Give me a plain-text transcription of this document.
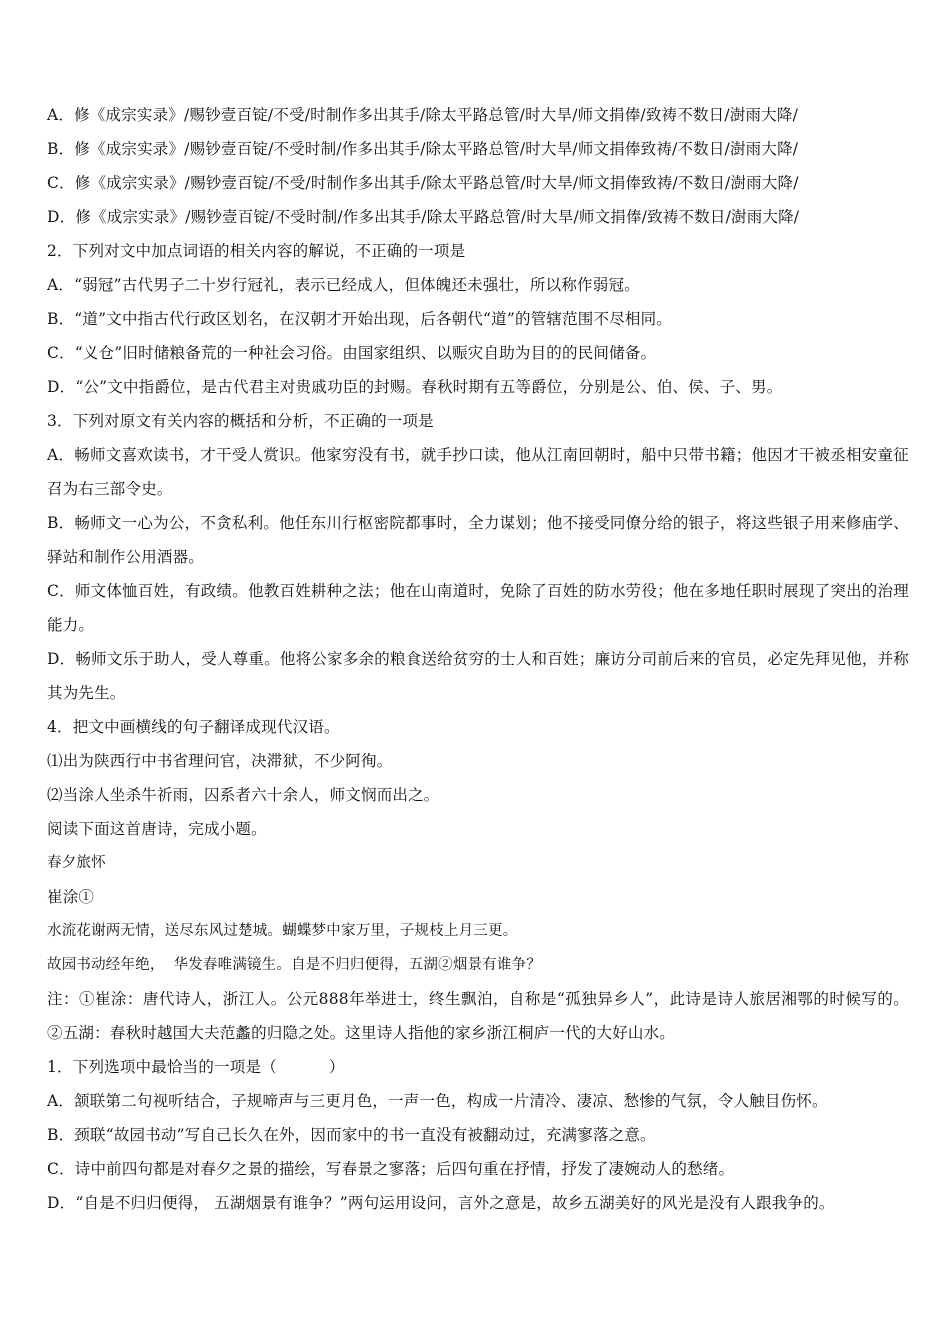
A．修《成宗实录》/赐钞壹百锭/不受/时制作多出其手/除太平路总管/时大旱/师文捐俸/致祷不数日/澍雨大降/
B．修《成宗实录》/赐钞壹百锭/不受时制/作多出其手/除太平路总管/时大旱/师文捐俸致祷/不数日/澍雨大降/
C．修《成宗实录》/赐钞壹百锭/不受/时制作多出其手/除太平路总管/时大旱/师文捐俸致祷/不数日/澍雨大降/
D．修《成宗实录》/赐钞壹百锭/不受时制/作多出其手/除太平路总管/时大旱/师文捐俸/致祷不数日/澍雨大降/
2．下列对文中加点词语的相关内容的解说，不正确的一项是
A．“弱冠”古代男子二十岁行冠礼，表示已经成人，但体魄还未强壮，所以称作弱冠。
B．“道”文中指古代行政区划名，在汉朝才开始出现，后各朝代“道”的管辖范围不尽相同。
C．“义仓”旧时储粮备荒的一种社会习俗。由国家组织、以赈灾自助为目的的民间储备。
D．“公”文中指爵位，是古代君主对贵戚功臣的封赐。春秋时期有五等爵位，分别是公、伯、侯、子、男。
3．下列对原文有关内容的概括和分析，不正确的一项是
A．畅师文喜欢读书，才干受人赏识。他家穷没有书，就手抄口读，他从江南回朝时，船中只带书籍；他因才干被丞相安童征召为右三部令史。
B．畅师文一心为公，不贪私利。他任东川行枢密院都事时，全力谋划；他不接受同僚分给的银子，将这些银子用来修庙学、驿站和制作公用酒器。
C．师文体恤百姓，有政绩。他教百姓耕种之法；他在山南道时，免除了百姓的防水劳役；他在多地任职时展现了突出的治理能力。
D．畅师文乐于助人，受人尊重。他将公家多余的粮食送给贫穷的士人和百姓；廉访分司前后来的官员，必定先拜见他，并称其为先生。
4．把文中画横线的句子翻译成现代汉语。
⑴出为陕西行中书省理问官，决滞狱，不少阿徇。
⑵当涂人坐杀牛祈雨，囚系者六十余人，师文悯而出之。
阅读下面这首唐诗，完成小题。
春夕旅怀
崔涂①
水流花谢两无情，送尽东风过楚城。蝴蝶梦中家万里，子规枝上月三更。
故园书动经年绝， 华发春唯满镜生。自是不归归便得，五湖②烟景有谁争？
注：①崔涂：唐代诗人，浙江人。公元888年举进士，终生飘泊，自称是“孤独异乡人”，此诗是诗人旅居湘鄂的时候写的。②五湖：春秋时越国大夫范蠡的归隐之处。这里诗人指他的家乡浙江桐庐一代的大好山水。
1．下列选项中最恰当的一项是（	）
A．颔联第二句视听结合，子规啼声与三更月色，一声一色，构成一片清冷、凄凉、愁惨的气氛，令人触目伤怀。
B．颈联“故园书动”写自己长久在外，因而家中的书一直没有被翻动过，充满寥落之意。
C．诗中前四句都是对春夕之景的描绘，写春景之寥落；后四句重在抒情，抒发了凄婉动人的愁绪。
D．“自是不归归便得， 五湖烟景有谁争？”两句运用设问，言外之意是，故乡五湖美好的风光是没有人跟我争的。
